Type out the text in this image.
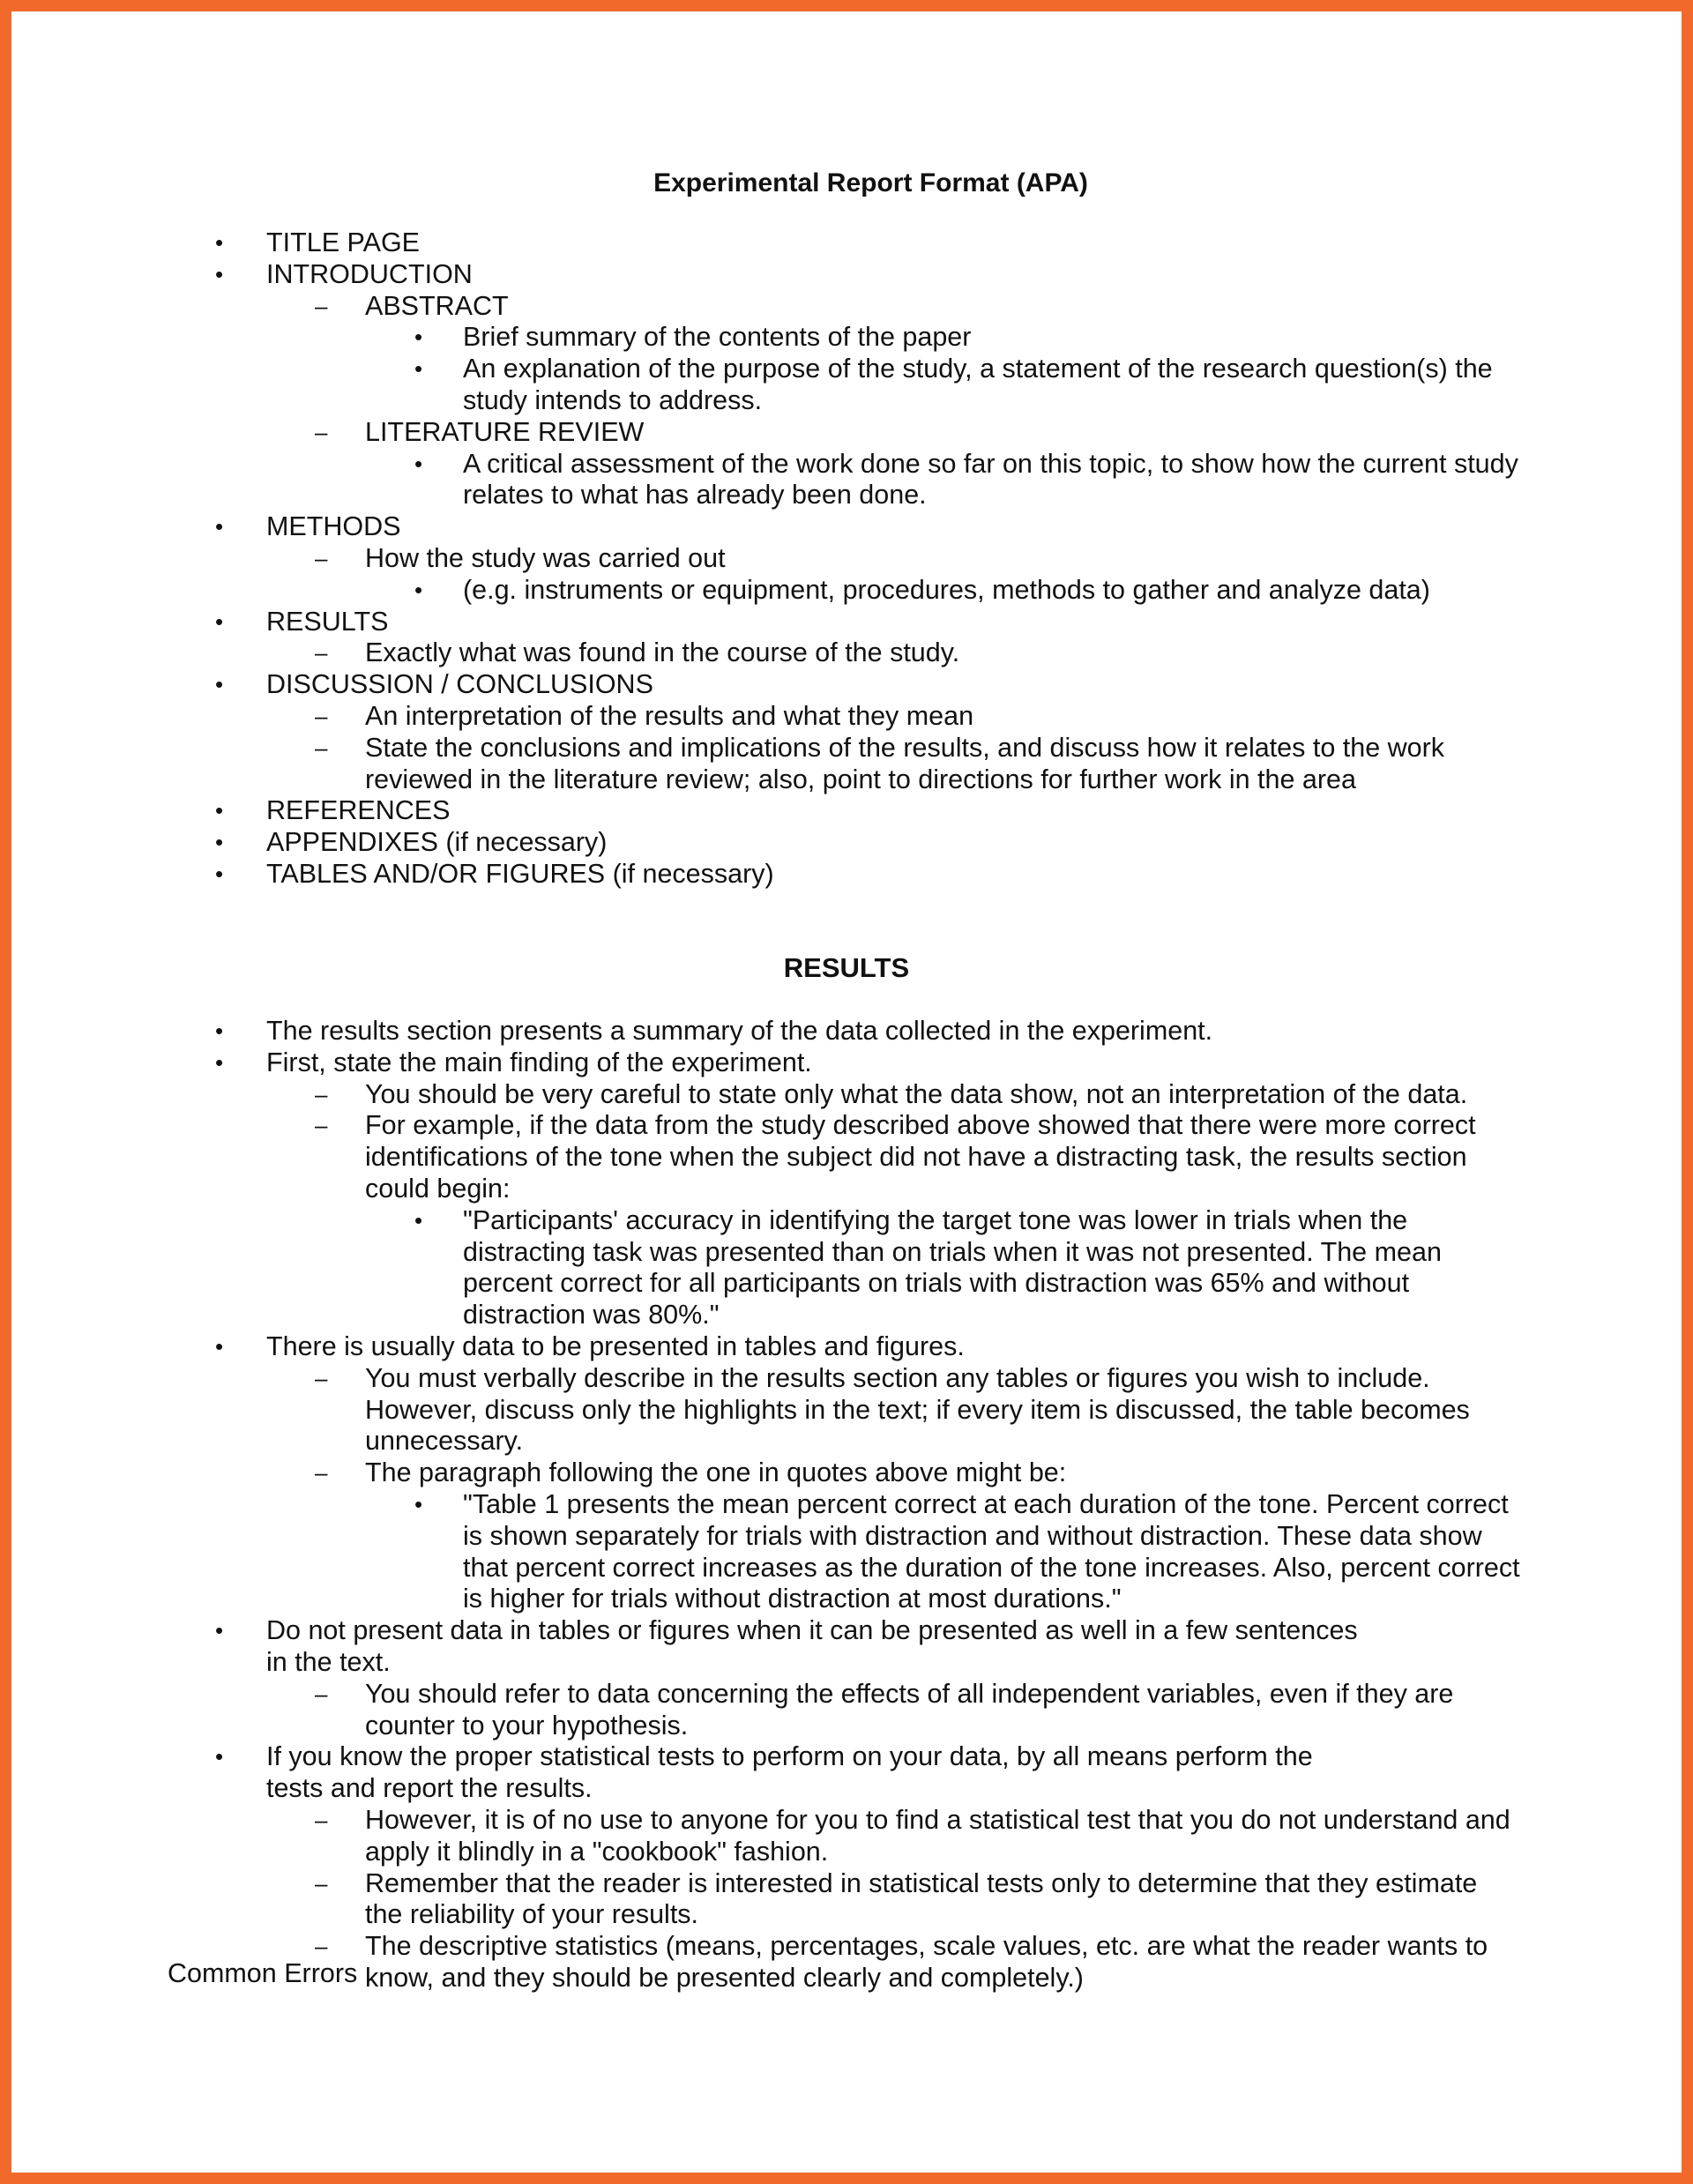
Experimental Report Format (APA)
• TITLE PAGE
• INTRODUCTION
– ABSTRACT
• Brief summary of the contents of the paper
• An explanation of the purpose of the study, a statement of the research question(s) the study intends to address.
– LITERATURE REVIEW
• A critical assessment of the work done so far on this topic, to show how the current study relates to what has already been done.
• METHODS
– How the study was carried out
• (e.g. instruments or equipment, procedures, methods to gather and analyze data)
• RESULTS
– Exactly what was found in the course of the study.
• DISCUSSION / CONCLUSIONS
– An interpretation of the results and what they mean
– State the conclusions and implications of the results, and discuss how it relates to the work reviewed in the literature review; also, point to directions for further work in the area
• REFERENCES
• APPENDIXES (if necessary)
• TABLES AND/OR FIGURES (if necessary)
RESULTS
• The results section presents a summary of the data collected in the experiment.
• First, state the main finding of the experiment.
– You should be very careful to state only what the data show, not an interpretation of the data.
– For example, if the data from the study described above showed that there were more correct identifications of the tone when the subject did not have a distracting task, the results section could begin:
• "Participants' accuracy in identifying the target tone was lower in trials when the distracting task was presented than on trials when it was not presented. The mean percent correct for all participants on trials with distraction was 65% and without distraction was 80%."
• There is usually data to be presented in tables and figures.
– You must verbally describe in the results section any tables or figures you wish to include. However, discuss only the highlights in the text; if every item is discussed, the table becomes unnecessary.
– The paragraph following the one in quotes above might be:
• "Table 1 presents the mean percent correct at each duration of the tone. Percent correct is shown separately for trials with distraction and without distraction. These data show that percent correct increases as the duration of the tone increases. Also, percent correct is higher for trials without distraction at most durations."
• Do not present data in tables or figures when it can be presented as well in a few sentences in the text.
– You should refer to data concerning the effects of all independent variables, even if they are counter to your hypothesis.
• If you know the proper statistical tests to perform on your data, by all means perform the tests and report the results.
– However, it is of no use to anyone for you to find a statistical test that you do not understand and apply it blindly in a "cookbook" fashion.
– Remember that the reader is interested in statistical tests only to determine that they estimate the reliability of your results.
– The descriptive statistics (means, percentages, scale values, etc. are what the reader wants to know, and they should be presented clearly and completely.)
Common Errors
